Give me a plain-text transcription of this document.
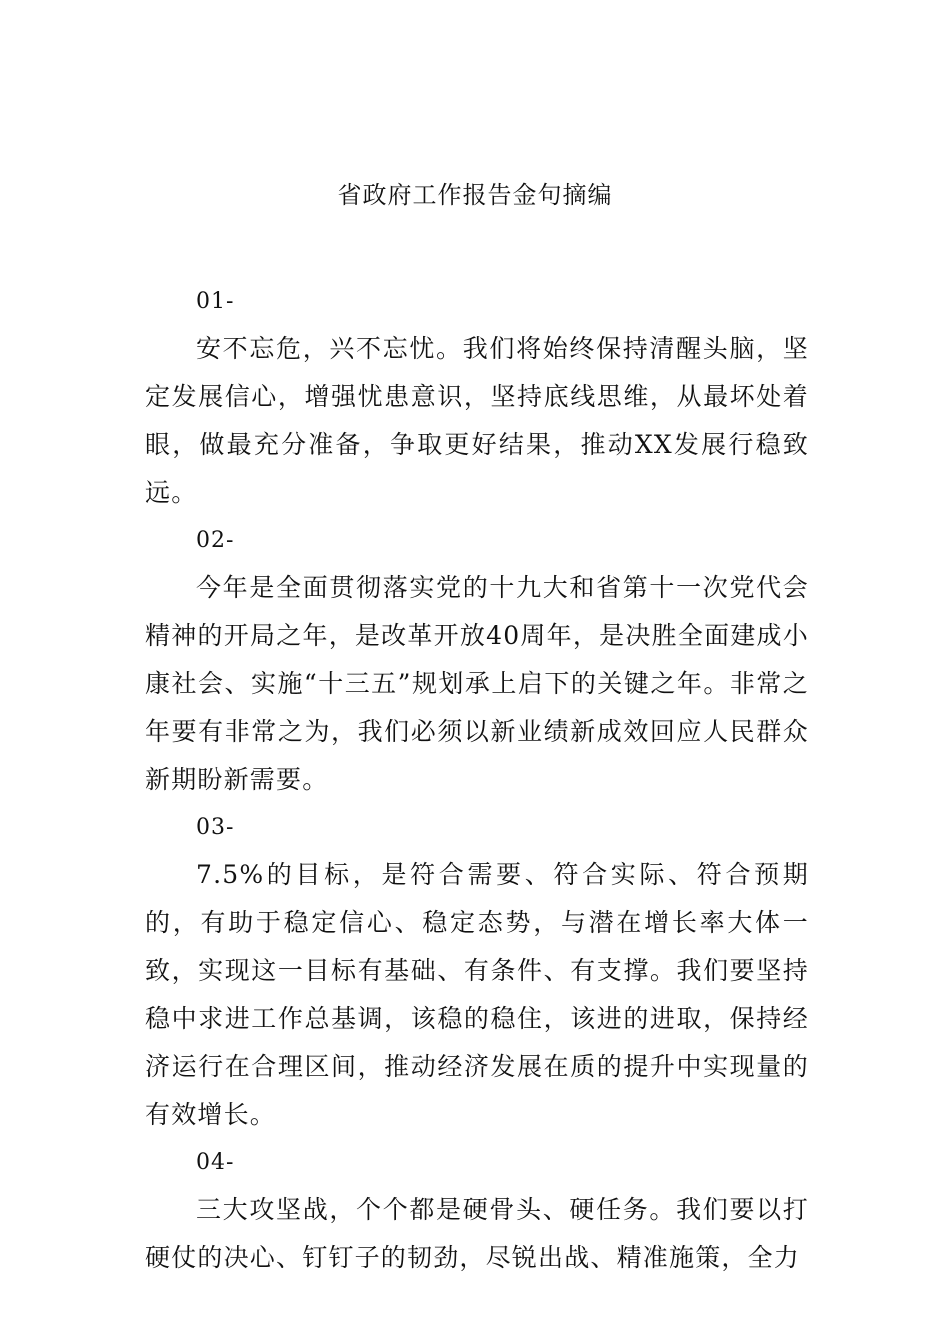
省政府工作报告金句摘编
01-

安不忘危，兴不忘忧。我们将始终保持清醒头脑，坚定发展信心，增强忧患意识，坚持底线思维，从最坏处着眼，做最充分准备，争取更好结果，推动XX发展行稳致远。

02-

今年是全面贯彻落实党的十九大和省第十一次党代会精神的开局之年，是改革开放40周年，是决胜全面建成小康社会、实施“十三五”规划承上启下的关键之年。非常之年要有非常之为，我们必须以新业绩新成效回应人民群众新期盼新需要。

03-

7.5%的目标，是符合需要、符合实际、符合预期的，有助于稳定信心、稳定态势，与潜在增长率大体一致，实现这一目标有基础、有条件、有支撑。我们要坚持稳中求进工作总基调，该稳的稳住，该进的进取，保持经济运行在合理区间，推动经济发展在质的提升中实现量的有效增长。

04-

三大攻坚战，个个都是硬骨头、硬任务。我们要以打硬仗的决心、钉钉子的韧劲，尽锐出战、精准施策，全力
